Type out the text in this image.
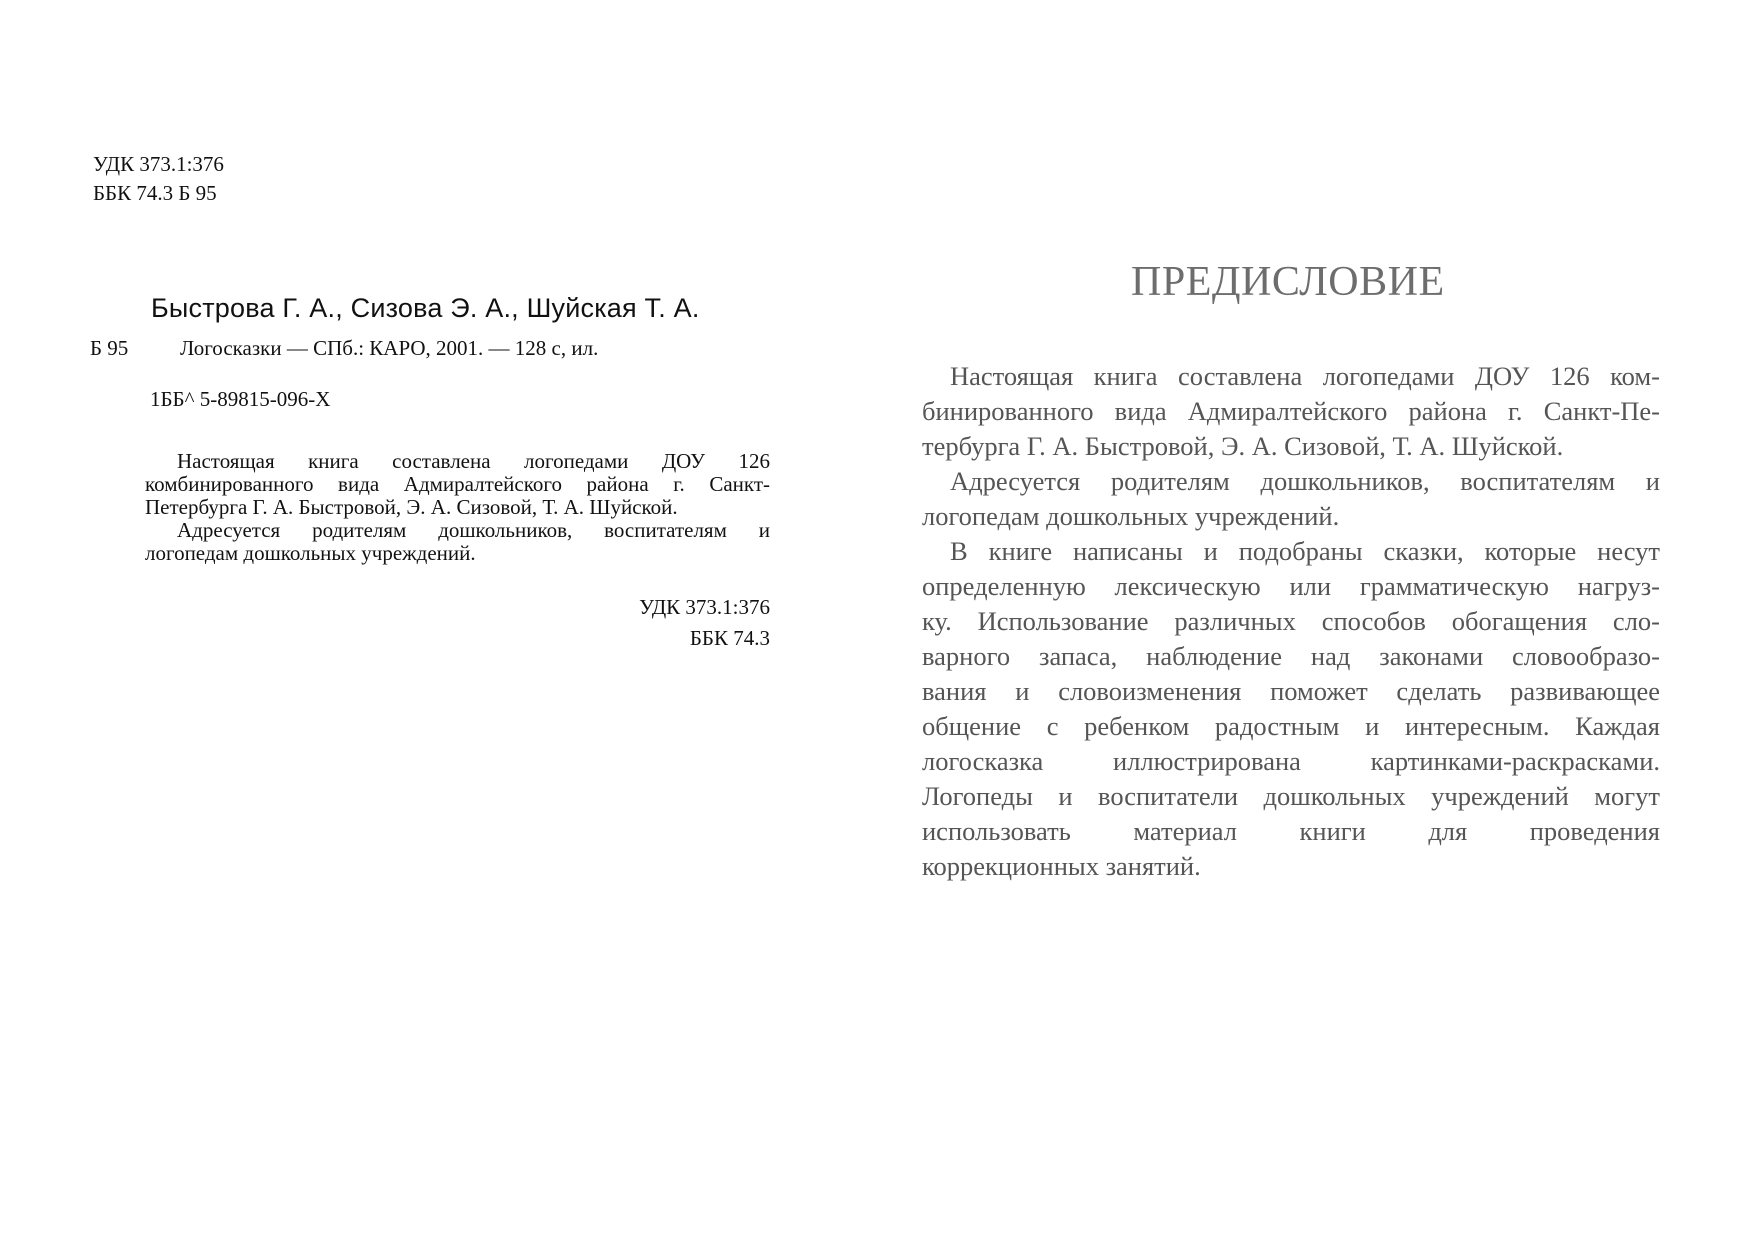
УДК 373.1:376
ББК 74.3 Б 95
Быстрова Г. А., Сизова Э. А., Шуйская Т. А.
Б 95 Логосказки — СПб.: КАРО, 2001. — 128 с, ил.
1ББ^ 5-89815-096-Х
Настоящая книга составлена логопедами ДОУ 126
комбинированного вида Адмиралтейского района г. Санкт-
Петербурга Г. А. Быстровой, Э. А. Сизовой, Т. А. Шуйской.
Адресуется родителям дошкольников, воспитателям и
логопедам дошкольных учреждений.
УДК 373.1:376
ББК 74.3
ПРЕДИСЛОВИЕ
Настоящая книга составлена логопедами ДОУ 126 ком-
бинированного вида Адмиралтейского района г. Санкт-Пе-
тербурга Г. А. Быстровой, Э. А. Сизовой, Т. А. Шуйской.
Адресуется родителям дошкольников, воспитателям и
логопедам дошкольных учреждений.
В книге написаны и подобраны сказки, которые несут
определенную лексическую или грамматическую нагруз-
ку. Использование различных способов обогащения сло-
варного запаса, наблюдение над законами словообразо-
вания и словоизменения поможет сделать развивающее
общение с ребенком радостным и интересным. Каждая
логосказка иллюстрирована картинками-раскрасками.
Логопеды и воспитатели дошкольных учреждений могут
использовать материал книги для проведения
коррекционных занятий.
